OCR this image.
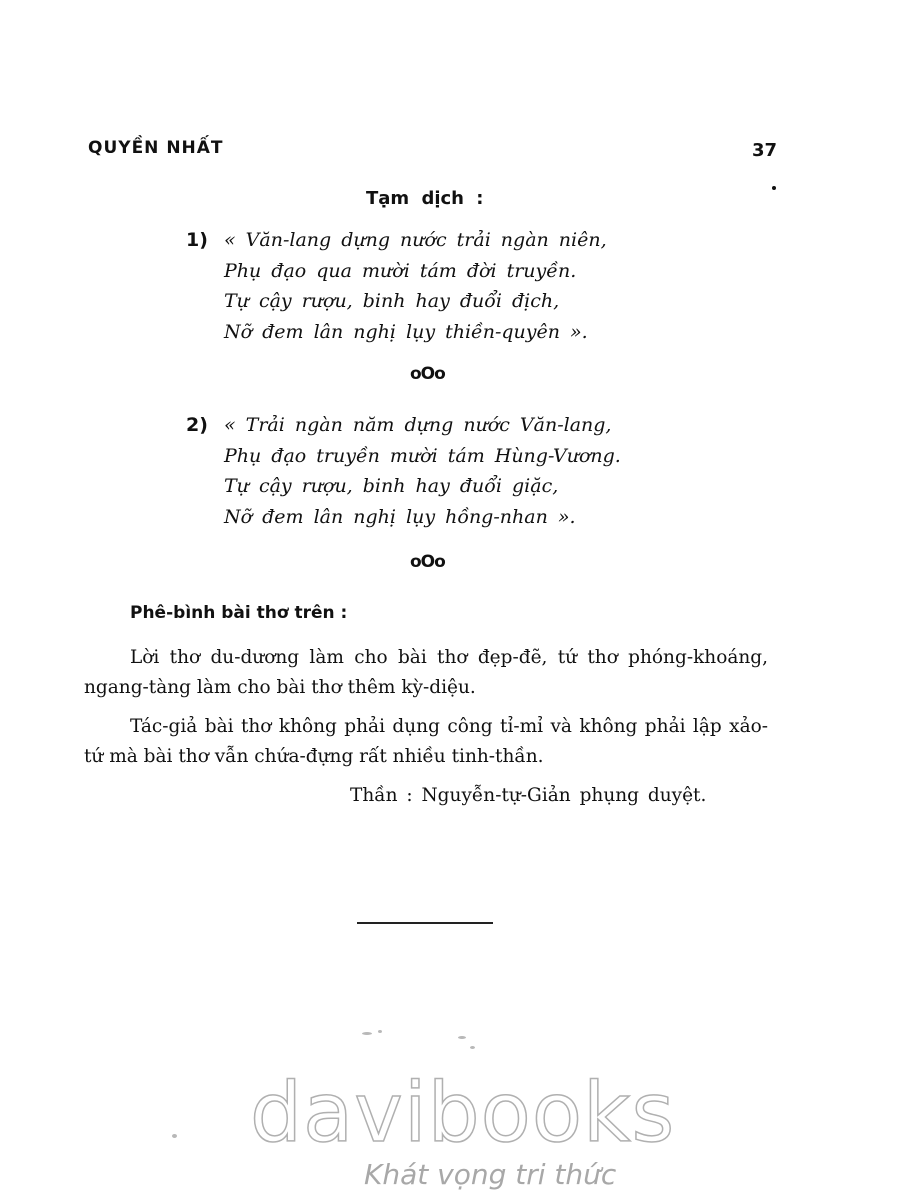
QUYỀN NHẤT	37
Tạm dịch :
1) « Văn-lang dựng nước trải ngàn niên,
Phụ đạo qua mười tám đời truyền.
Tự cậy rượu, binh hay đuổi địch,
Nỡ đem lân nghị lụy thiền-quyên ».
oOo
2) « Trải ngàn năm dựng nước Văn-lang,
Phụ đạo truyền mười tám Hùng-Vương.
Tự cậy rượu, binh hay đuổi giặc,
Nỡ đem lân nghị lụy hồng-nhan ».
oOo
Phê-bình bài thơ trên :

Lời thơ du-dương làm cho bài thơ đẹp-đẽ, tứ thơ phóng-khoáng, ngang-tàng làm cho bài thơ thêm kỳ-diệu.

Tác-giả bài thơ không phải dụng công tỉ-mỉ và không phải lập xảo-tứ mà bài thơ vẫn chứa-đựng rất nhiều tinh-thần.

Thần : Nguyễn-tự-Giản phụng duyệt.
davibooks
Khát vọng tri thức
